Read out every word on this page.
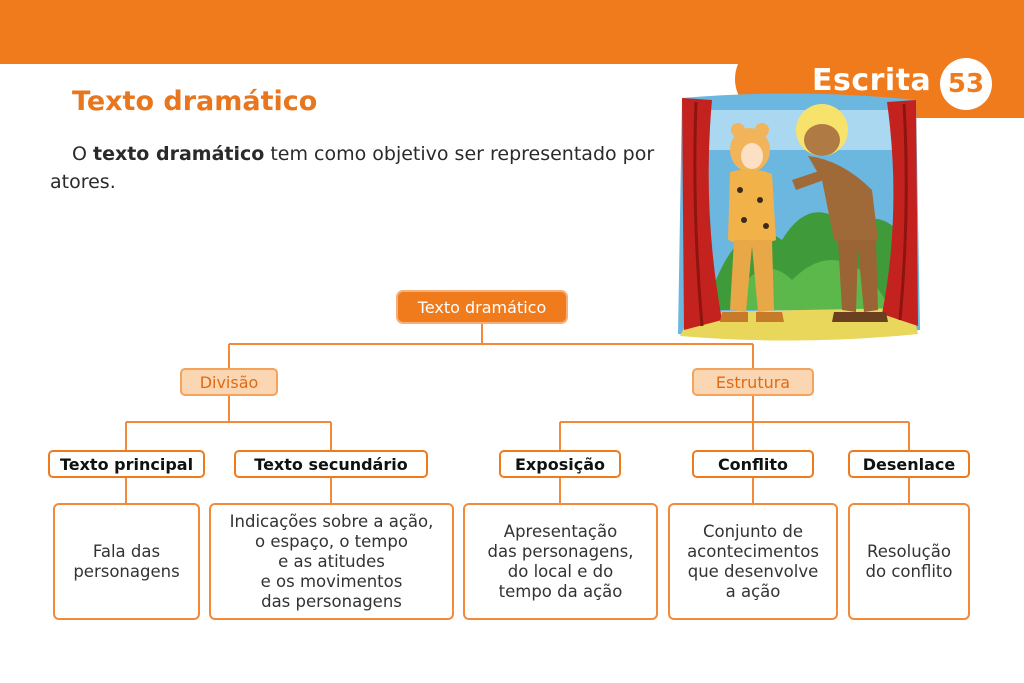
Escrita 53
Texto dramático
O texto dramático tem como objetivo ser representado por atores.
Texto dramático
Divisão	Estrutura
Texto principal	Texto secundário	Exposição	Conflito	Desenlace
Fala das
personagens
Indicações sobre a ação,
o espaço, o tempo
e as atitudes
e os movimentos
das personagens
Apresentação
das personagens,
do local e do
tempo da ação
Conjunto de
acontecimentos
que desenvolve
a ação
Resolução
do conflito
